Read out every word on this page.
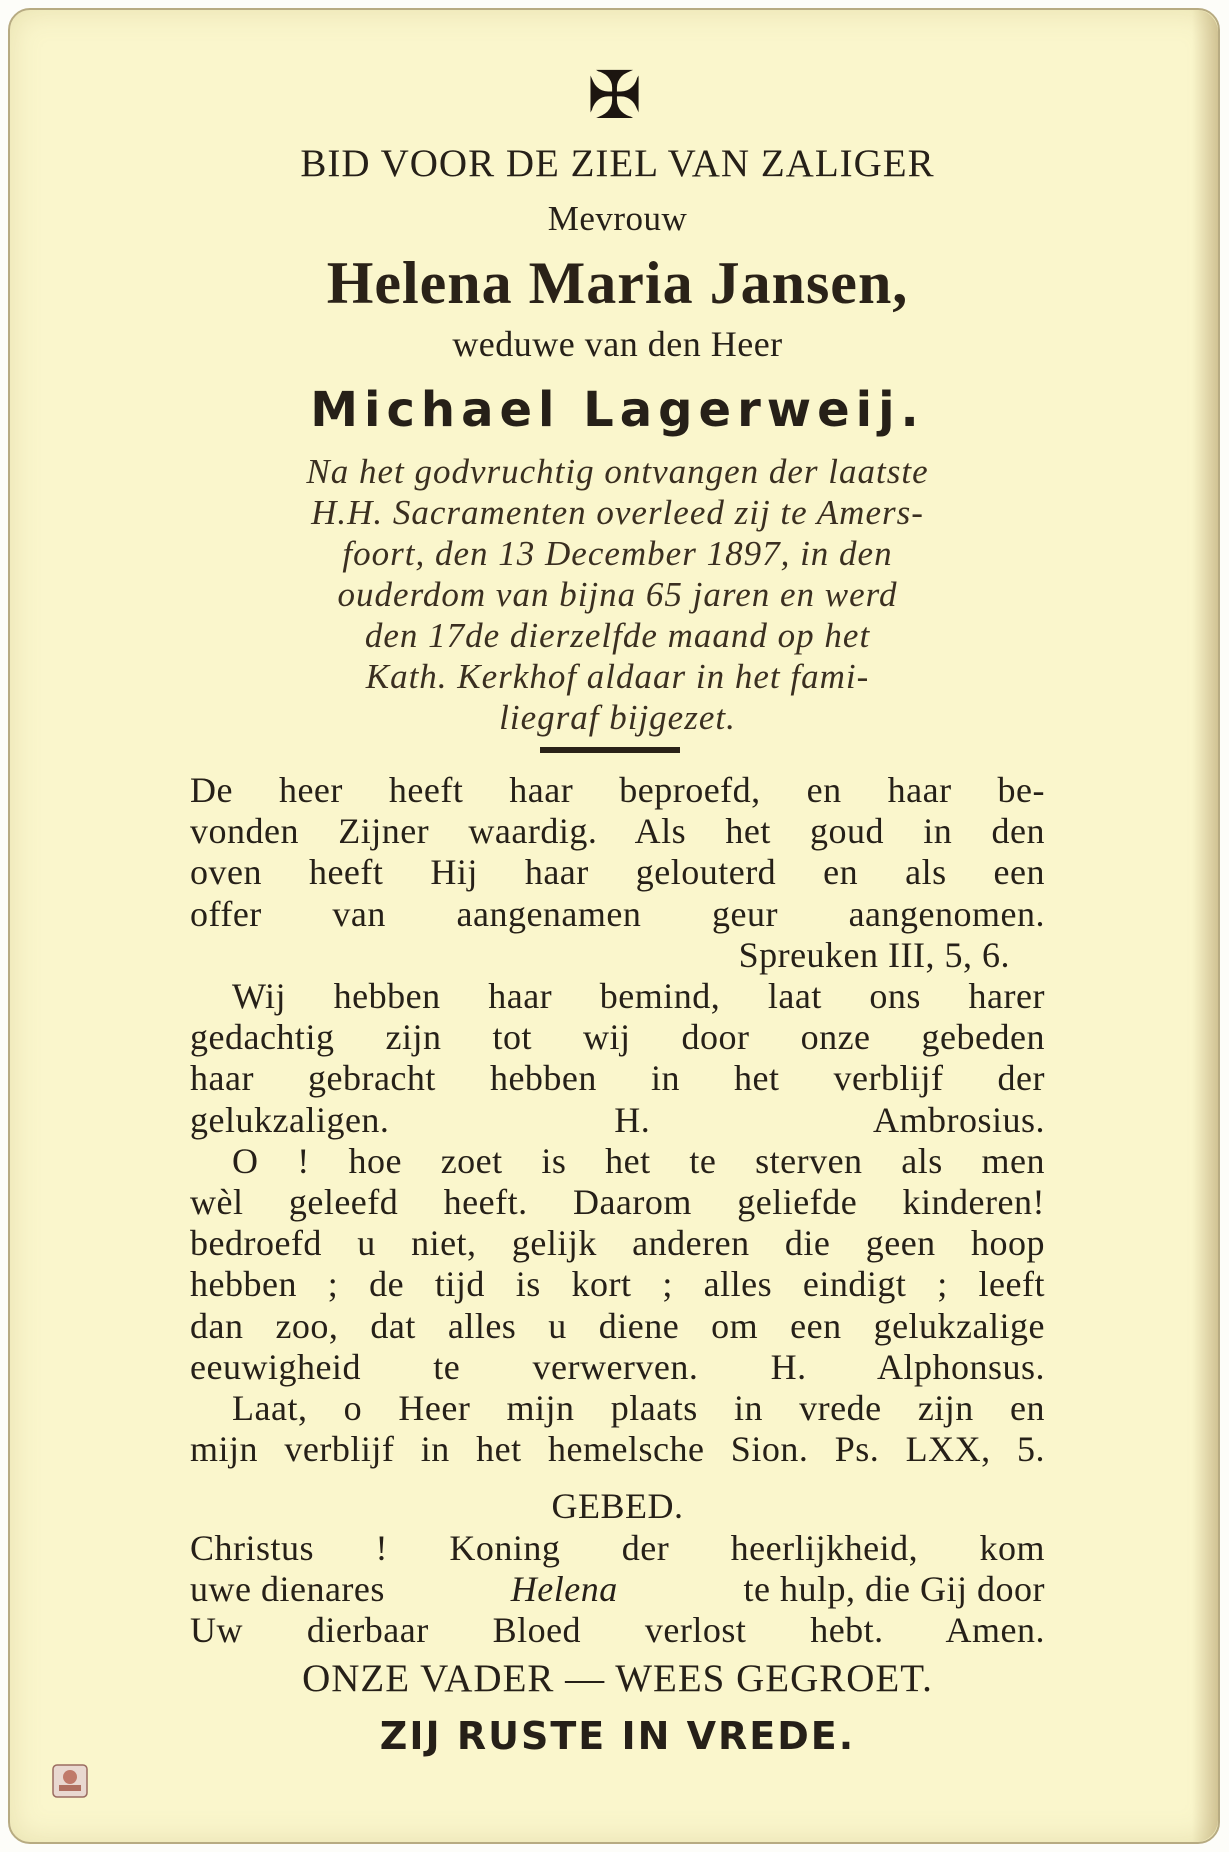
✠
BID VOOR DE ZIEL VAN ZALIGER
Mevrouw
Helena Maria Jansen,
weduwe van den Heer
Michael Lagerweij.
Na het godvruchtig ontvangen der laatste
H.H. Sacramenten overleed zij te Amers-
foort, den 13 December 1897, in den
ouderdom van bijna 65 jaren en werd
den 17de dierzelfde maand op het
Kath. Kerkhof aldaar in het fami-
liegraf bijgezet.
De heer heeft haar beproefd, en haar be-
vonden Zijner waardig. Als het goud in den
oven heeft Hij haar gelouterd en als een
offer van aangenamen geur aangenomen.
Spreuken III, 5, 6.
Wij hebben haar bemind, laat ons harer
gedachtig zijn tot wij door onze gebeden
haar gebracht hebben in het verblijf der
gelukzaligen. H. Ambrosius.
O ! hoe zoet is het te sterven als men
wèl geleefd heeft. Daarom geliefde kinderen!
bedroefd u niet, gelijk anderen die geen hoop
hebben ; de tijd is kort ; alles eindigt ; leeft
dan zoo, dat alles u diene om een gelukzalige
eeuwigheid te verwerven. H. Alphonsus.
Laat, o Heer mijn plaats in vrede zijn en
mijn verblijf in het hemelsche Sion. Ps. LXX, 5.
GEBED.
Christus ! Koning der heerlijkheid, kom
uwe dienares	Helena	te hulp, die Gij door
Uw dierbaar Bloed verlost hebt. Amen.
ONZE VADER — WEES GEGROET.
ZIJ RUSTE IN VREDE.
